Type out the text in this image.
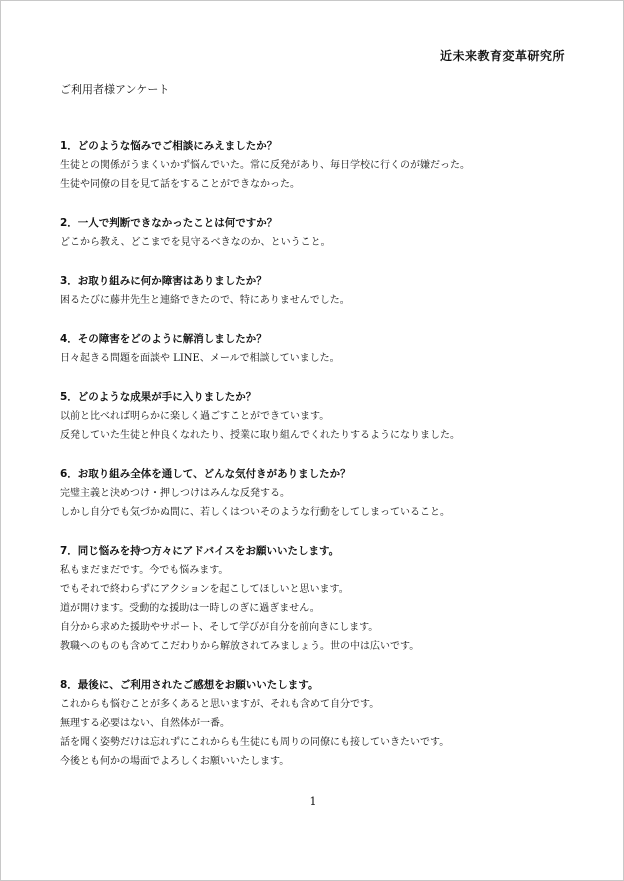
近未来教育変革研究所
ご利用者様アンケート
1．どのような悩みでご相談にみえましたか？
生徒との関係がうまくいかず悩んでいた。常に反発があり、毎日学校に行くのが嫌だった。
生徒や同僚の目を見て話をすることができなかった。
2．一人で判断できなかったことは何ですか？
どこから教え、どこまでを見守るべきなのか、ということ。
3．お取り組みに何か障害はありましたか？
困るたびに藤井先生と連絡できたので、特にありませんでした。
4．その障害をどのように解消しましたか？
日々起きる問題を面談や LINE、メールで相談していました。
5．どのような成果が手に入りましたか？
以前と比べれば明らかに楽しく過ごすことができています。
反発していた生徒と仲良くなれたり、授業に取り組んでくれたりするようになりました。
6．お取り組み全体を通して、どんな気付きがありましたか？
完璧主義と決めつけ・押しつけはみんな反発する。
しかし自分でも気づかぬ間に、若しくはついそのような行動をしてしまっていること。
7．同じ悩みを持つ方々にアドバイスをお願いいたします。
私もまだまだです。今でも悩みます。
でもそれで終わらずにアクションを起こしてほしいと思います。
道が開けます。受動的な援助は一時しのぎに過ぎません。
自分から求めた援助やサポート、そして学びが自分を前向きにします。
教職へのものも含めてこだわりから解放されてみましょう。世の中は広いです。
8．最後に、ご利用されたご感想をお願いいたします。
これからも悩むことが多くあると思いますが、それも含めて自分です。
無理する必要はない、自然体が一番。
話を聞く姿勢だけは忘れずにこれからも生徒にも周りの同僚にも接していきたいです。
今後とも何かの場面でよろしくお願いいたします。
1
